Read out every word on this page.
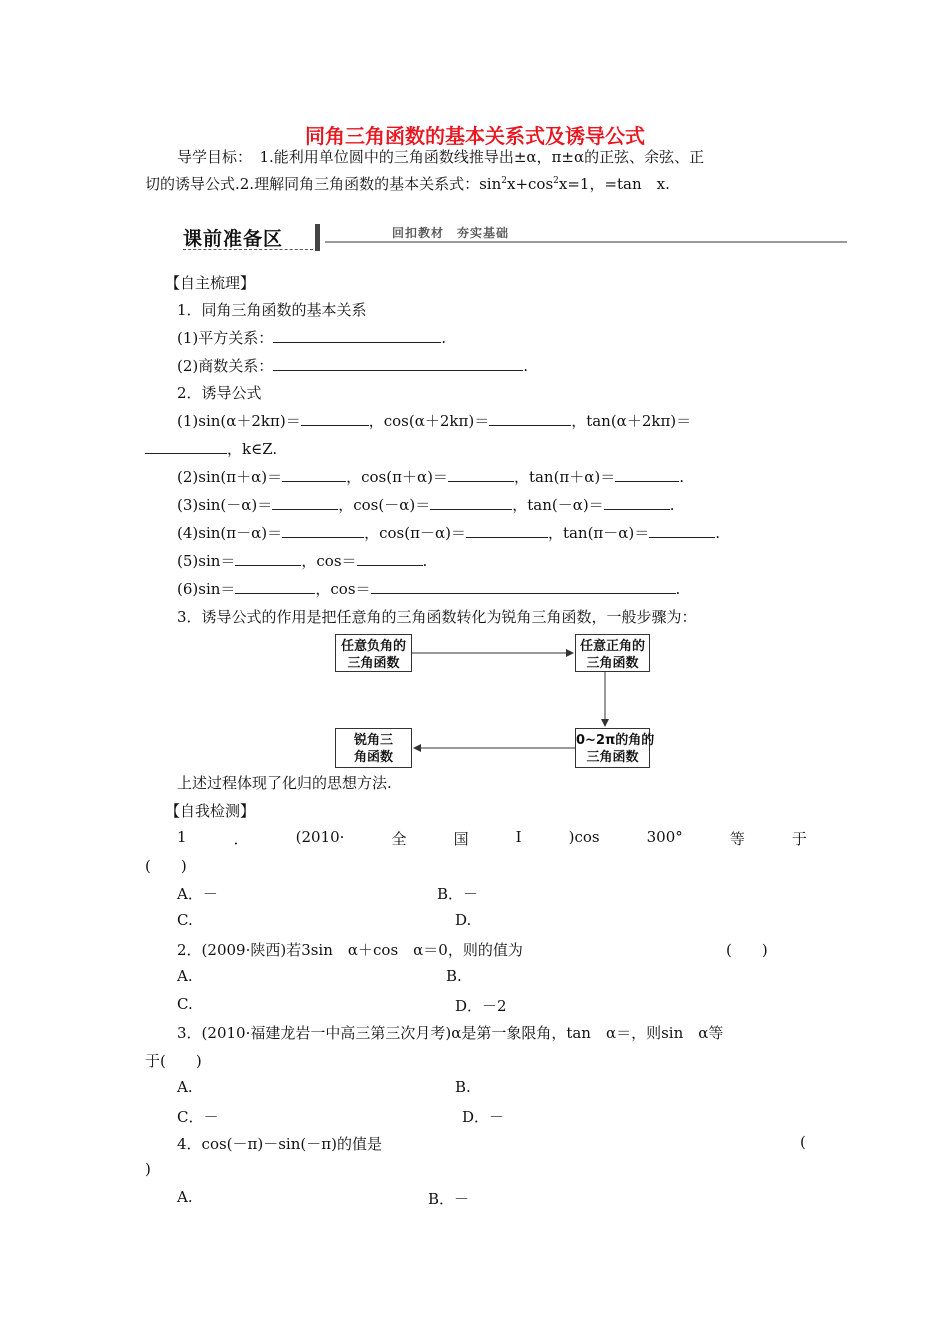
同角三角函数的基本关系式及诱导公式
导学目标：　1.能利用单位圆中的三角函数线推导出±α，π±α的正弦、余弦、正
切的诱导公式.2.理解同角三角函数的基本关系式：$\sin^2x+\cos^2x=1$，=tan　x.
课前准备区	回扣教材　夯实基础
【自主梳理】
1．同角三角函数的基本关系
(1)平方关系：	.
(2)商数关系：	.
2．诱导公式
(1)sin(α＋2kπ)＝	，cos(α＋2kπ)＝	，tan(α＋2kπ)＝
，k∈Z.
(2)sin(π＋α)＝	，cos(π＋α)＝	，tan(π＋α)＝	.
(3)sin(－α)＝	，cos(－α)＝	，tan(－α)＝	.
(4)sin(π－α)＝	，cos(π－α)＝	，tan(π－α)＝	.
(5)sin＝	，cos＝	.
(6)sin＝	，cos＝	.
3．诱导公式的作用是把任意角的三角函数转化为锐角三角函数，一般步骤为：
任意负角的
三角函数
任意正角的
三角函数
0~2π的角的
三角函数
锐角三
角函数
上述过程体现了化归的思想方法.
【自我检测】
1	．	(2010·	全	国	Ⅰ	)cos	300°	等	于
(　　)
A．－	B．－
C.	D.
2．(2009·陕西)若3sin　α＋cos　α＝0，则的值为	(　　)
A.	B.
C.	D．－2
3．(2010·福建龙岩一中高三第三次月考)α是第一象限角，tan　α＝，则sin　α等
于(　　)
A.	B.
C．－	D．－
4．cos(－π)－sin(－π)的值是	(
)
A.	B．－
